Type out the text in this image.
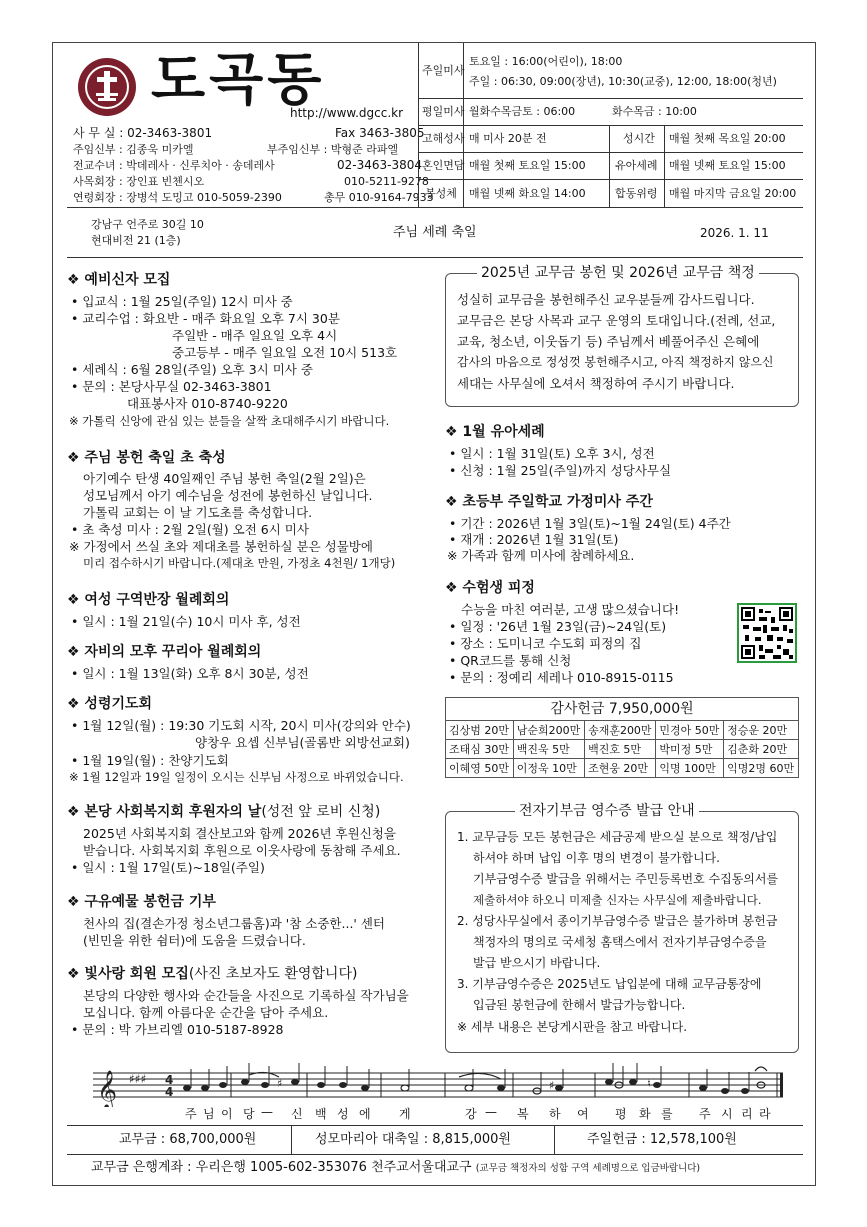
도곡동
http://www.dgcc.kr
사 무 실 : 02-3463-3801	Fax 3463-3805
주임신부 : 김종욱 미카엘	부주임신부 : 박형준 라파엘
전교수녀 : 박데레사 · 신루치아 · 송데레사	02-3463-3804
사목회장 : 장인표 빈첸시오	010-5211-9278
연령회장 : 장병석 도밍고 010-5059-2390	총무 010-9164-7933
주일미사
토요일 : 16:00(어린이), 18:00
주일 : 06:30, 09:00(장년), 10:30(교중), 12:00, 18:00(청년)
평일미사 월화수목금토 : 06:00	화수목금 : 10:00
고해성사 매 미사 20분 전	성시간 매월 첫째 목요일 20:00
혼인면담 매월 첫째 토요일 15:00	유아세례 매월 넷째 토요일 15:00
봉성체 매월 넷째 화요일 14:00	합동위령 매월 마지막 금요일 20:00
강남구 언주로 30길 10
현대비전 21 (1층)
주님 세례 축일	2026. 1. 11
❖ 예비신자 모집
• 입교식 : 1월 25일(주일) 12시 미사 중
• 교리수업 : 화요반 - 매주 화요일 오후 7시 30분
주일반 - 매주 일요일 오후 4시
중고등부 - 매주 일요일 오전 10시 513호
• 세례식 : 6월 28일(주일) 오후 3시 미사 중
• 문의 : 본당사무실 02-3463-3801
대표봉사자 010-8740-9220
※ 가톨릭 신앙에 관심 있는 분들을 살짝 초대해주시기 바랍니다.
❖ 주님 봉헌 축일 초 축성
아기예수 탄생 40일째인 주님 봉헌 축일(2월 2일)은
성모님께서 아기 예수님을 성전에 봉헌하신 날입니다.
가톨릭 교회는 이 날 기도초를 축성합니다.
• 초 축성 미사 : 2월 2일(월) 오전 6시 미사
※ 가정에서 쓰실 초와 제대초를 봉헌하실 분은 성물방에
미리 접수하시기 바랍니다.(제대초 만원, 가정초 4천원/ 1개당)
❖ 여성 구역반장 월례회의
• 일시 : 1월 21일(수) 10시 미사 후, 성전
❖ 자비의 모후 꾸리아 월례회의
• 일시 : 1월 13일(화) 오후 8시 30분, 성전
❖ 성령기도회
• 1월 12일(월) : 19:30 기도회 시작, 20시 미사(강의와 안수)
양창우 요셉 신부님(골롬반 외방선교회)
• 1월 19일(월) : 찬양기도회
※ 1월 12일과 19일 일정이 오시는 신부님 사정으로 바뀌었습니다.
❖ 본당 사회복지회 후원자의 날(성전 앞 로비 신청)
2025년 사회복지회 결산보고와 함께 2026년 후원신청을
받습니다. 사회복지회 후원으로 이웃사랑에 동참해 주세요.
• 일시 : 1월 17일(토)~18일(주일)
❖ 구유예물 봉헌금 기부
천사의 집(결손가정 청소년그룹홈)과 '참 소중한...' 센터
(빈민을 위한 쉼터)에 도움을 드렸습니다.
❖ 빛사랑 회원 모집(사진 초보자도 환영합니다)
본당의 다양한 행사와 순간들을 사진으로 기록하실 작가님을
모십니다. 함께 아름다운 순간을 담아 주세요.
• 문의 : 박 가브리엘 010-5187-8928
2025년 교무금 봉헌 및 2026년 교무금 책정
성실히 교무금을 봉헌해주신 교우분들께 감사드립니다.
교무금은 본당 사목과 교구 운영의 토대입니다.(전례, 선교,
교육, 청소년, 이웃돕기 등) 주님께서 베풀어주신 은혜에
감사의 마음으로 정성껏 봉헌해주시고, 아직 책정하지 않으신
세대는 사무실에 오셔서 책정하여 주시기 바랍니다.
❖ 1월 유아세례
• 일시 : 1월 31일(토) 오후 3시, 성전
• 신청 : 1월 25일(주일)까지 성당사무실
❖ 초등부 주일학교 가정미사 주간
• 기간 : 2026년 1월 3일(토)~1월 24일(토) 4주간
• 재개 : 2026년 1월 31일(토)
※ 가족과 함께 미사에 참례하세요.
❖ 수험생 피정
수능을 마친 여러분, 고생 많으셨습니다!
• 일정 : '26년 1월 23일(금)~24일(토)
• 장소 : 도미니코 수도회 피정의 집
• QR코드를 통해 신청
• 문의 : 정예리 세레나 010-8915-0115
감사헌금 7,950,000원
김상범 20만	남순희200만	송재훈200만	민경아 50만	정승운 20만
조태심 30만	백진욱 5만	백진호 5만	박미정 5만	김춘화 20만
이혜영 50만	이정욱 10만	조현웅 20만	익명 100만	익명2명 60만
전자기부금 영수증 발급 안내
1. 교무금등 모든 봉헌금은 세금공제 받으실 분으로 책정/납입
하셔야 하며 납입 이후 명의 변경이 불가합니다.
기부금영수증 발급을 위해서는 주민등록번호 수집동의서를
제출하셔야 하오니 미제출 신자는 사무실에 제출바랍니다.
2. 성당사무실에서 종이기부금영수증 발급은 불가하며 봉헌금
책정자의 명의로 국세청 홈택스에서 전자기부금영수증을
발급 받으시기 바랍니다.
3. 기부금영수증은 2025년도 납입분에 대해 교무금통장에
입금된 봉헌금에 한해서 발급가능합니다.
※ 세부 내용은 본당게시판을 참고 바랍니다.
𝄞 ♯♯♯ 4
4
♯	♯	♮
주 님 이 당 — 신 백 성 에 게	강 — 복 하 여 평 화 를 주 시 리 라
교무금 : 68,700,000원	성모마리아 대축일 : 8,815,000원	주일헌금 : 12,578,100원
교무금 은행계좌 : 우리은행 1005-602-353076 천주교서울대교구 (교무금 책정자의 성함 구역 세례명으로 입금바랍니다)
